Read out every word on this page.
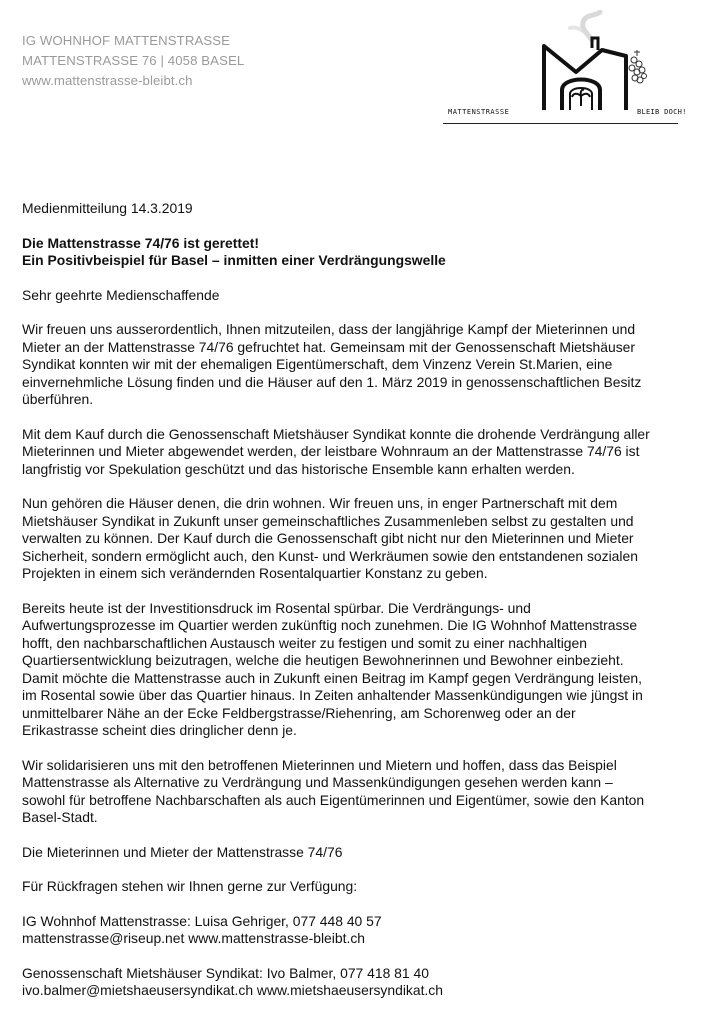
IG WOHNHOF MATTENSTRASSE
MATTENSTRASSE 76 | 4058 BASEL
www.mattenstrasse-bleibt.ch
MATTENSTRASSE	BLEIB DOCH!

Medienmitteilung 14.3.2019

Die Mattenstrasse 74/76 ist gerettet!
Ein Positivbeispiel für Basel – inmitten einer Verdrängungswelle

Sehr geehrte Medienschaffende

Wir freuen uns ausserordentlich, Ihnen mitzuteilen, dass der langjährige Kampf der Mieterinnen und
Mieter an der Mattenstrasse 74/76 gefruchtet hat. Gemeinsam mit der Genossenschaft Mietshäuser
Syndikat konnten wir mit der ehemaligen Eigentümerschaft, dem Vinzenz Verein St.Marien, eine
einvernehmliche Lösung finden und die Häuser auf den 1. März 2019 in genossenschaftlichen Besitz
überführen.

Mit dem Kauf durch die Genossenschaft Mietshäuser Syndikat konnte die drohende Verdrängung aller
Mieterinnen und Mieter abgewendet werden, der leistbare Wohnraum an der Mattenstrasse 74/76 ist
langfristig vor Spekulation geschützt und das historische Ensemble kann erhalten werden.

Nun gehören die Häuser denen, die drin wohnen. Wir freuen uns, in enger Partnerschaft mit dem
Mietshäuser Syndikat in Zukunft unser gemeinschaftliches Zusammenleben selbst zu gestalten und
verwalten zu können. Der Kauf durch die Genossenschaft gibt nicht nur den Mieterinnen und Mieter
Sicherheit, sondern ermöglicht auch, den Kunst- und Werkräumen sowie den entstandenen sozialen
Projekten in einem sich verändernden Rosentalquartier Konstanz zu geben.

Bereits heute ist der Investitionsdruck im Rosental spürbar. Die Verdrängungs- und
Aufwertungsprozesse im Quartier werden zukünftig noch zunehmen. Die IG Wohnhof Mattenstrasse
hofft, den nachbarschaftlichen Austausch weiter zu festigen und somit zu einer nachhaltigen
Quartiersentwicklung beizutragen, welche die heutigen Bewohnerinnen und Bewohner einbezieht.
Damit möchte die Mattenstrasse auch in Zukunft einen Beitrag im Kampf gegen Verdrängung leisten,
im Rosental sowie über das Quartier hinaus. In Zeiten anhaltender Massenkündigungen wie jüngst in
unmittelbarer Nähe an der Ecke Feldbergstrasse/Riehenring, am Schorenweg oder an der
Erikastrasse scheint dies dringlicher denn je.

Wir solidarisieren uns mit den betroffenen Mieterinnen und Mietern und hoffen, dass das Beispiel
Mattenstrasse als Alternative zu Verdrängung und Massenkündigungen gesehen werden kann –
sowohl für betroffene Nachbarschaften als auch Eigentümerinnen und Eigentümer, sowie den Kanton
Basel-Stadt.

Die Mieterinnen und Mieter der Mattenstrasse 74/76

Für Rückfragen stehen wir Ihnen gerne zur Verfügung:

IG Wohnhof Mattenstrasse: Luisa Gehriger, 077 448 40 57
mattenstrasse@riseup.net www.mattenstrasse-bleibt.ch

Genossenschaft Mietshäuser Syndikat: Ivo Balmer, 077 418 81 40
ivo.balmer@mietshaeusersyndikat.ch www.mietshaeusersyndikat.ch
